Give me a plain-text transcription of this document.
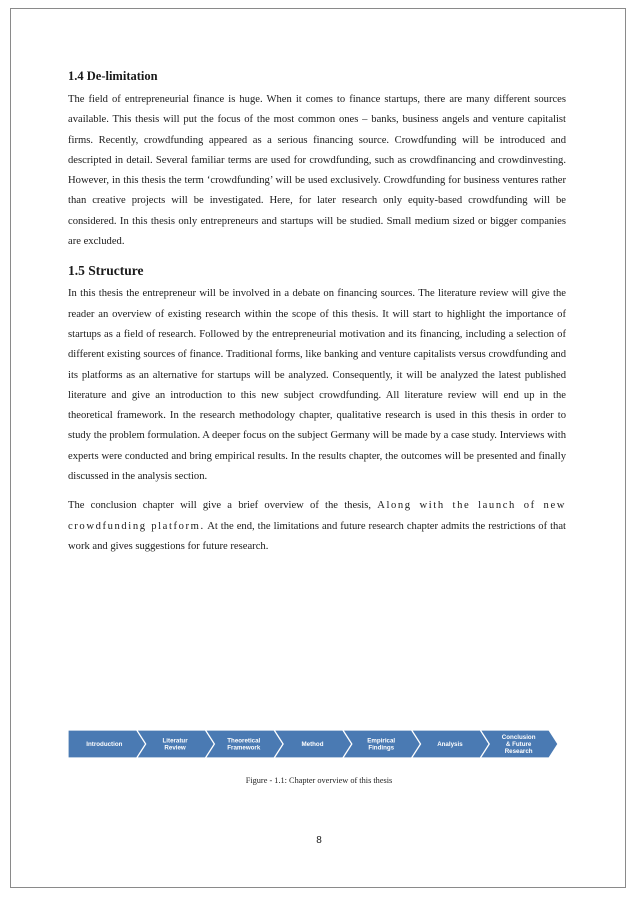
1.4 De-limitation

The field of entrepreneurial finance is huge. When it comes to finance startups, there are many different sources available. This thesis will put the focus of the most common ones – banks, business angels and venture capitalist firms. Recently, crowdfunding appeared as a serious financing source. Crowdfunding will be introduced and descripted in detail. Several familiar terms are used for crowdfunding, such as crowdfinancing and crowdinvesting. However, in this thesis the term ‘crowdfunding’ will be used exclusively. Crowdfunding for business ventures rather than creative projects will be investigated. Here, for later research only equity-based crowdfunding will be considered. In this thesis only entrepreneurs and startups will be studied. Small medium sized or bigger companies are excluded.

1.5 Structure

In this thesis the entrepreneur will be involved in a debate on financing sources. The literature review will give the reader an overview of existing research within the scope of this thesis. It will start to highlight the importance of startups as a field of research. Followed by the entrepreneurial motivation and its financing, including a selection of different existing sources of finance. Traditional forms, like banking and venture capitalists versus crowdfunding and its platforms as an alternative for startups will be analyzed. Consequently, it will be analyzed the latest published literature and give an introduction to this new subject crowdfunding. All literature review will end up in the theoretical framework. In the research methodology chapter, qualitative research is used in this thesis in order to study the problem formulation. A deeper focus on the subject Germany will be made by a case study. Interviews with experts were conducted and bring empirical results. In the results chapter, the outcomes will be presented and finally discussed in the analysis section.

The conclusion chapter will give a brief overview of the thesis, Along with the launch of new crowdfunding platform. At the end, the limitations and future research chapter admits the restrictions of that work and gives suggestions for future research.

Introduction	Literatur Review
Theoretical Framework	Method	Empirical Findings	Analysis
Conclusion & Future Research
Figure - 1.1: Chapter overview of this thesis
8
